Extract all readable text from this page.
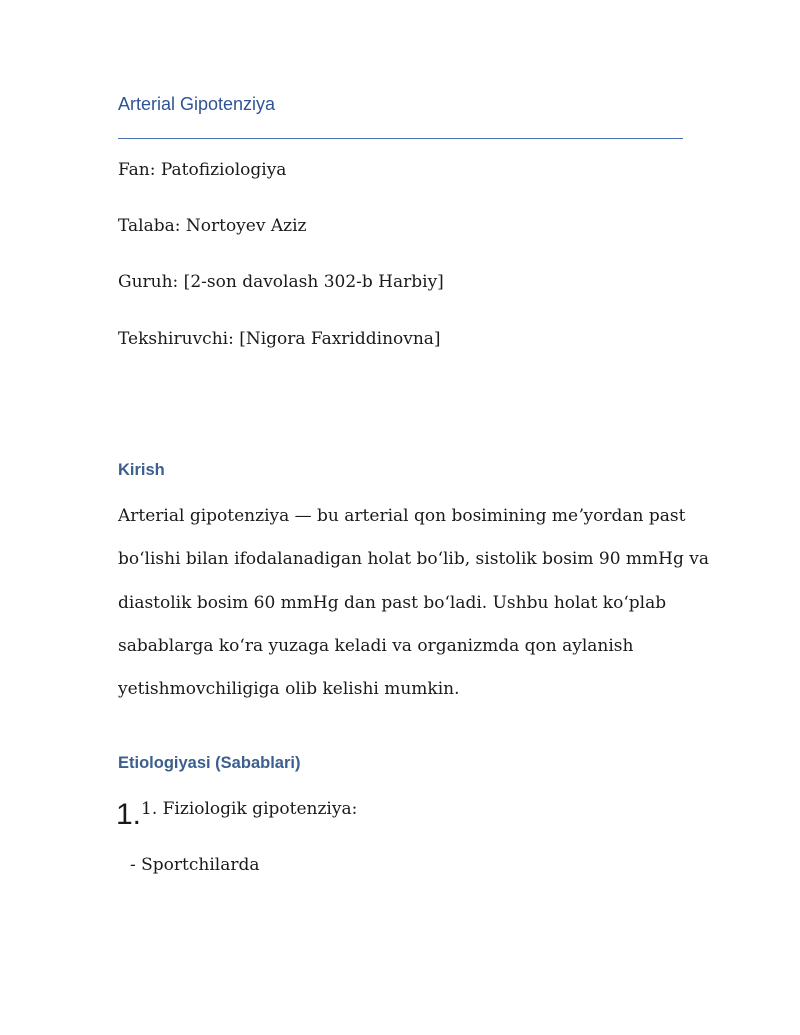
Arterial Gipotenziya
Fan: Patofiziologiya
Talaba: Nortoyev Aziz
Guruh: [2-son davolash 302-b Harbiy]
Tekshiruvchi: [Nigora Faxriddinovna]
Kirish
Arterial gipotenziya — bu arterial qon bosimining meʼyordan past
boʻlishi bilan ifodalanadigan holat boʻlib, sistolik bosim 90 mmHg va
diastolik bosim 60 mmHg dan past boʻladi. Ushbu holat koʻplab
sabablarga koʻra yuzaga keladi va organizmda qon aylanish
yetishmovchiligiga olib kelishi mumkin.
Etiologiyasi (Sabablari)
1. 1. Fiziologik gipotenziya:
- Sportchilarda
